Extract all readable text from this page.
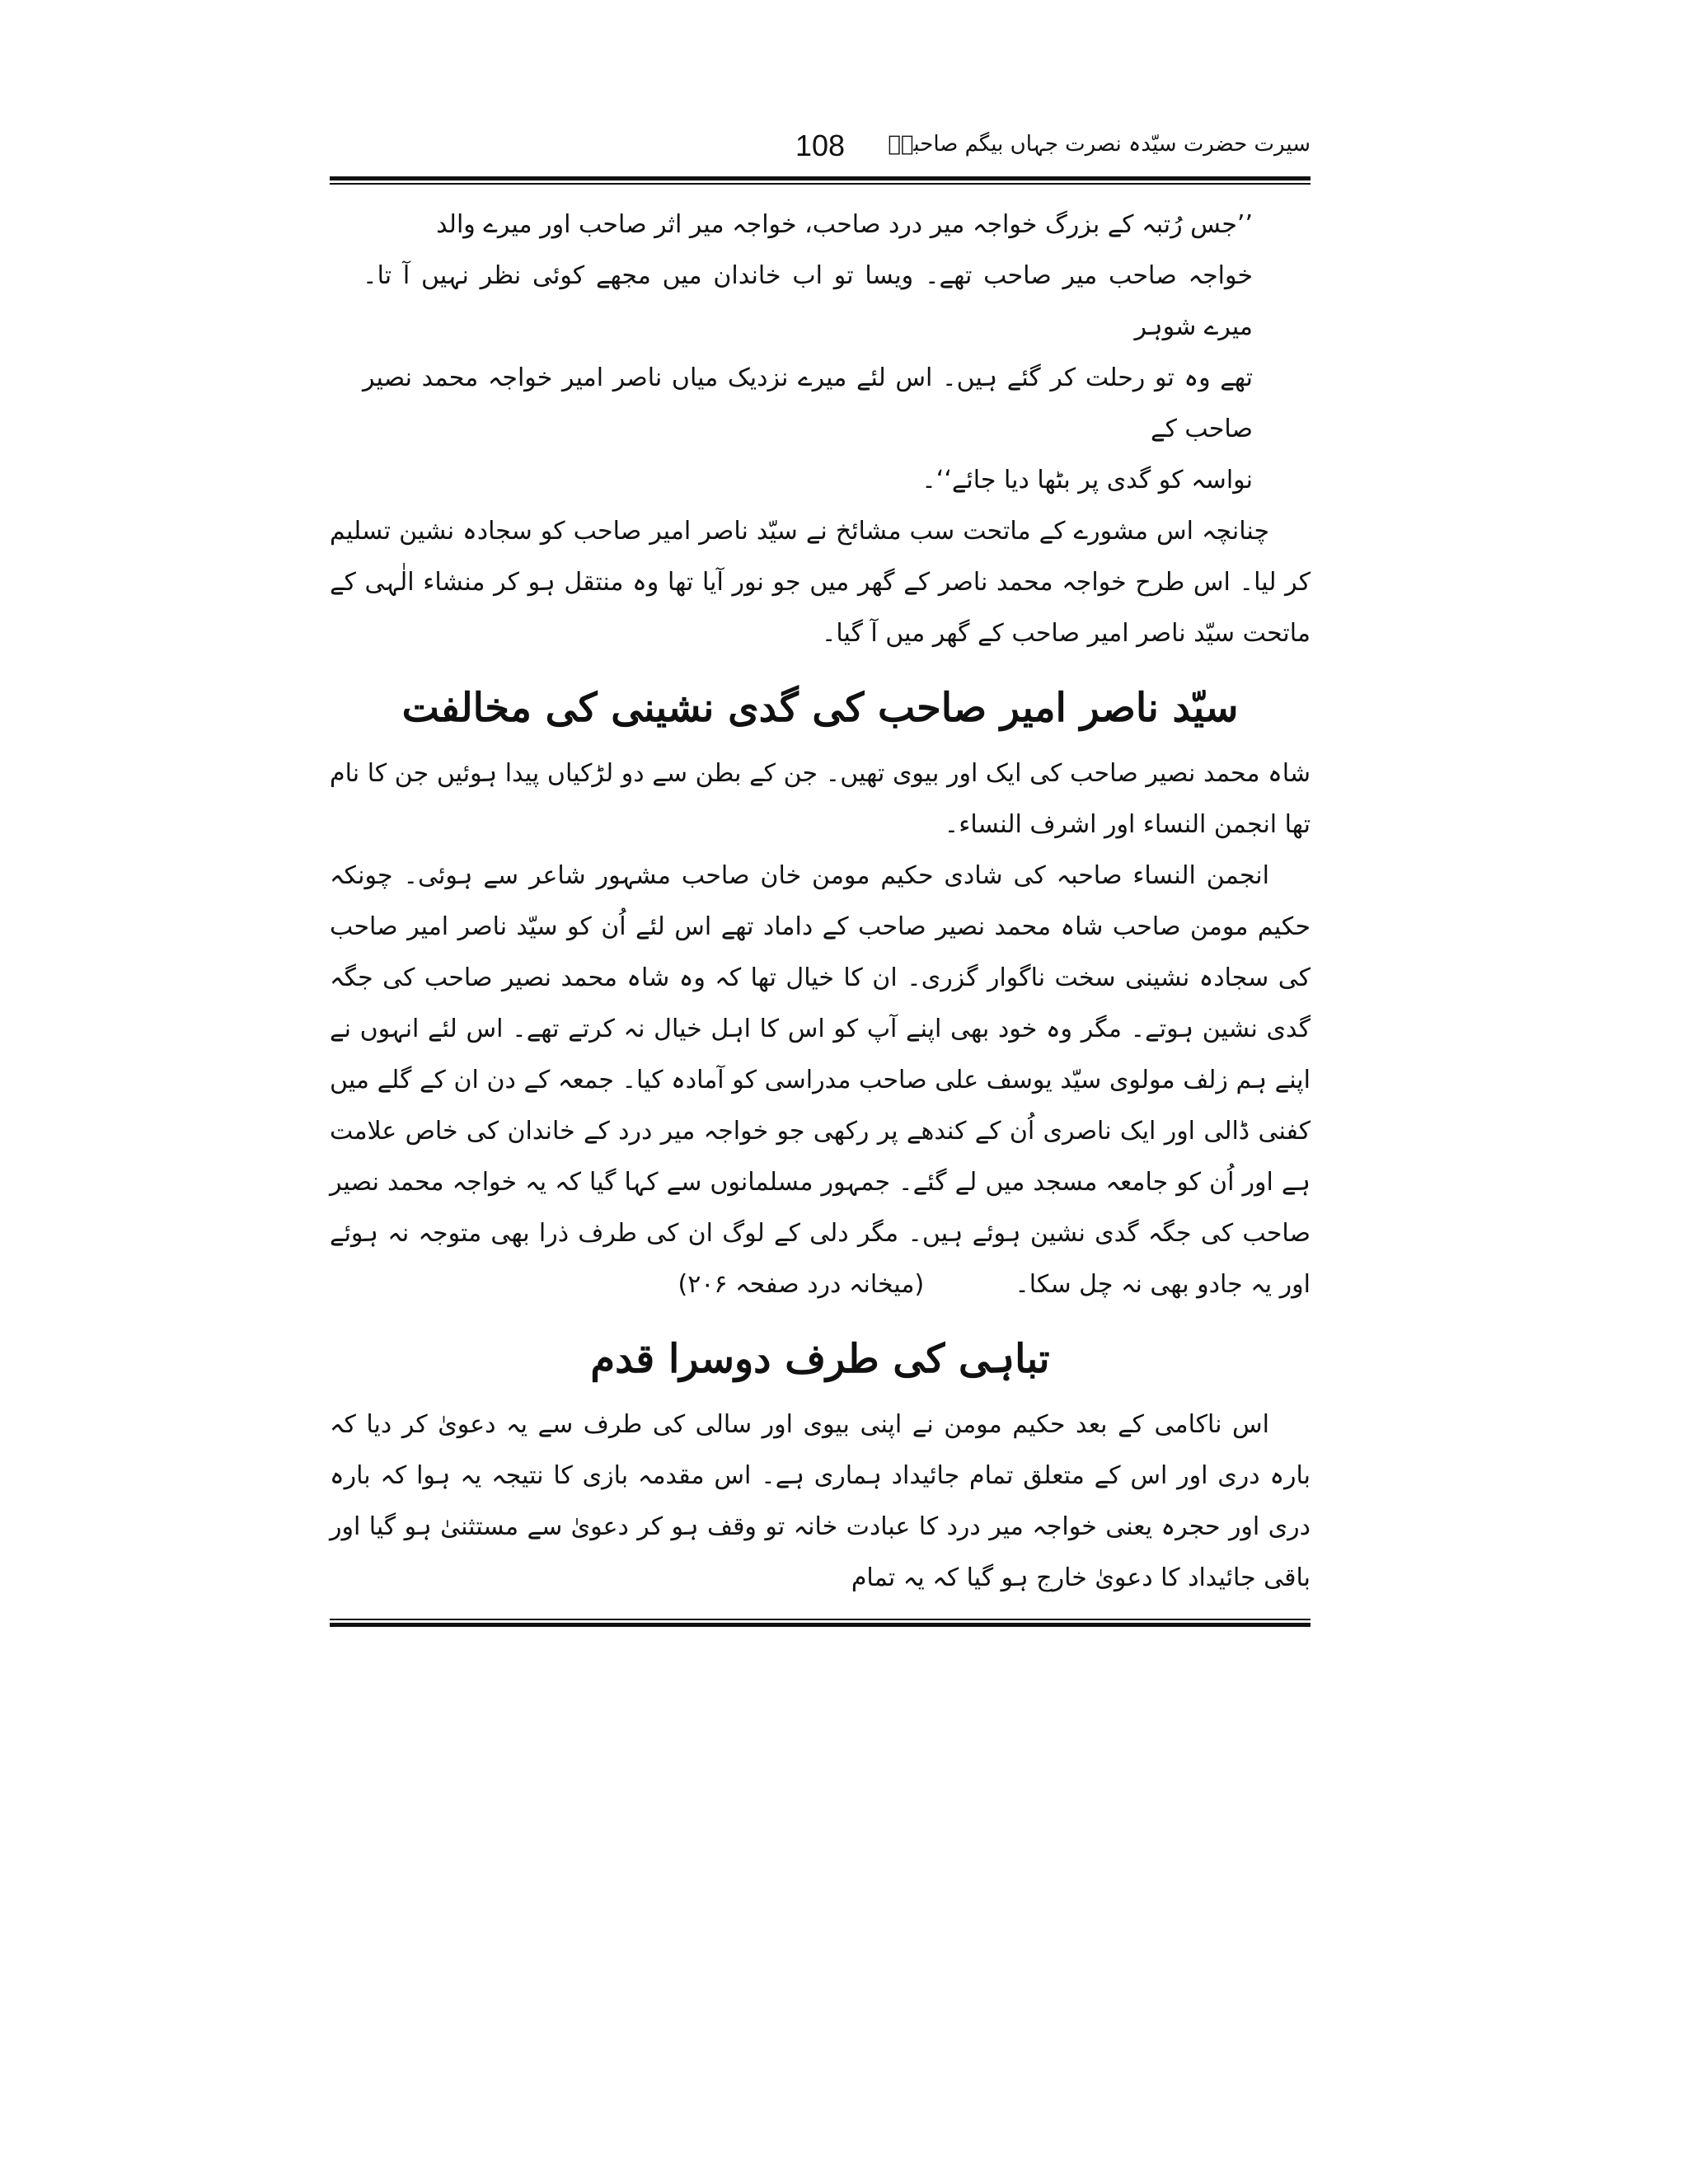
108 سیرت حضرت سیّدہ نصرت جہاں بیگم صاحبہؓ
’’جس رُتبہ کے بزرگ خواجہ میر درد صاحب، خواجہ میر اثر صاحب اور میرے والد
خواجہ صاحب میر صاحب تھے۔ ویسا تو اب خاندان میں مجھے کوئی نظر نہیں آ تا۔ میرے شوہر
تھے وہ تو رحلت کر گئے ہیں۔ اس لئے میرے نزدیک میاں ناصر امیر خواجہ محمد نصیر صاحب کے
نواسہ کو گدی پر بٹھا دیا جائے‘‘۔

چنانچہ اس مشورے کے ماتحت سب مشائخ نے سیّد ناصر امیر صاحب کو سجادہ نشین تسلیم کر لیا۔ اس طرح خواجہ محمد ناصر کے گھر میں جو نور آیا تھا وہ منتقل ہو کر منشاء الٰہی کے ماتحت سیّد ناصر امیر صاحب کے گھر میں آ گیا۔

سیّد ناصر امیر صاحب کی گدی نشینی کی مخالفت

شاہ محمد نصیر صاحب کی ایک اور بیوی تھیں۔ جن کے بطن سے دو لڑکیاں پیدا ہوئیں جن کا نام تھا انجمن النساء اور اشرف النساء۔

انجمن النساء صاحبہ کی شادی حکیم مومن خان صاحب مشہور شاعر سے ہوئی۔ چونکہ حکیم مومن صاحب شاہ محمد نصیر صاحب کے داماد تھے اس لئے اُن کو سیّد ناصر امیر صاحب کی سجادہ نشینی سخت ناگوار گزری۔ ان کا خیال تھا کہ وہ شاہ محمد نصیر صاحب کی جگہ گدی نشین ہوتے۔ مگر وہ خود بھی اپنے آپ کو اس کا اہل خیال نہ کرتے تھے۔ اس لئے انہوں نے اپنے ہم زلف مولوی سیّد یوسف علی صاحب مدراسی کو آمادہ کیا۔ جمعہ کے دن ان کے گلے میں کفنی ڈالی اور ایک ناصری اُن کے کندھے پر رکھی جو خواجہ میر درد کے خاندان کی خاص علامت ہے اور اُن کو جامعہ مسجد میں لے گئے۔ جمہور مسلمانوں سے کہا گیا کہ یہ خواجہ محمد نصیر صاحب کی جگہ گدی نشین ہوئے ہیں۔ مگر دلی کے لوگ ان کی طرف ذرا بھی متوجہ نہ ہوئے اور یہ جادو بھی نہ چل سکا۔(میخانہ درد صفحہ ۲۰۶)

تباہی کی طرف دوسرا قدم

اس ناکامی کے بعد حکیم مومن نے اپنی بیوی اور سالی کی طرف سے یہ دعویٰ کر دیا کہ بارہ دری اور اس کے متعلق تمام جائیداد ہماری ہے۔ اس مقدمہ بازی کا نتیجہ یہ ہوا کہ بارہ دری اور حجرہ یعنی خواجہ میر درد کا عبادت خانہ تو وقف ہو کر دعویٰ سے مستثنیٰ ہو گیا اور باقی جائیداد کا دعویٰ خارج ہو گیا کہ یہ تمام
